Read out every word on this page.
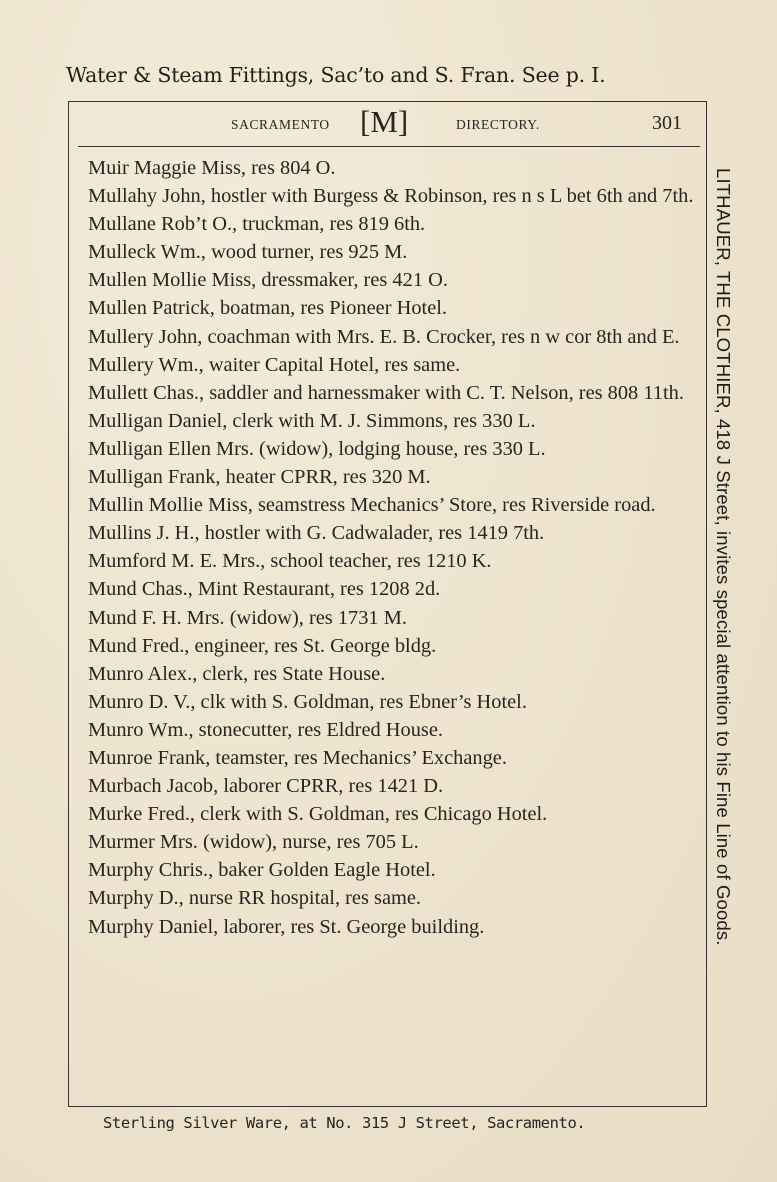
Water & Steam Fittings, Sac’to and S. Fran. See p. I.
SACRAMENTO [M]	DIRECTORY.	301
Muir Maggie Miss, res 804 O.
Mullahy John, hostler with Burgess & Robinson, res n s L bet 6th and 7th.
Mullane Rob’t O., truckman, res 819 6th.
Mulleck Wm., wood turner, res 925 M.
Mullen Mollie Miss, dressmaker, res 421 O.
Mullen Patrick, boatman, res Pioneer Hotel.
Mullery John, coachman with Mrs. E. B. Crocker, res n w cor 8th and E.
Mullery Wm., waiter Capital Hotel, res same.
Mullett Chas., saddler and harnessmaker with C. T. Nelson, res 808 11th.
Mulligan Daniel, clerk with M. J. Simmons, res 330 L.
Mulligan Ellen Mrs. (widow), lodging house, res 330 L.
Mulligan Frank, heater CPRR, res 320 M.
Mullin Mollie Miss, seamstress Mechanics’ Store, res Riverside road.
Mullins J. H., hostler with G. Cadwalader, res 1419 7th.
Mumford M. E. Mrs., school teacher, res 1210 K.
Mund Chas., Mint Restaurant, res 1208 2d.
Mund F. H. Mrs. (widow), res 1731 M.
Mund Fred., engineer, res St. George bldg.
Munro Alex., clerk, res State House.
Munro D. V., clk with S. Goldman, res Ebner’s Hotel.
Munro Wm., stonecutter, res Eldred House.
Munroe Frank, teamster, res Mechanics’ Exchange.
Murbach Jacob, laborer CPRR, res 1421 D.
Murke Fred., clerk with S. Goldman, res Chicago Hotel.
Murmer Mrs. (widow), nurse, res 705 L.
Murphy Chris., baker Golden Eagle Hotel.
Murphy D., nurse RR hospital, res same.
Murphy Daniel, laborer, res St. George building.	LITHAUER, THE CLOTHIER, 418 J Street, invites special attention to his Fine Line of Goods.
Sterling Silver Ware, at No. 315 J Street, Sacramento.
